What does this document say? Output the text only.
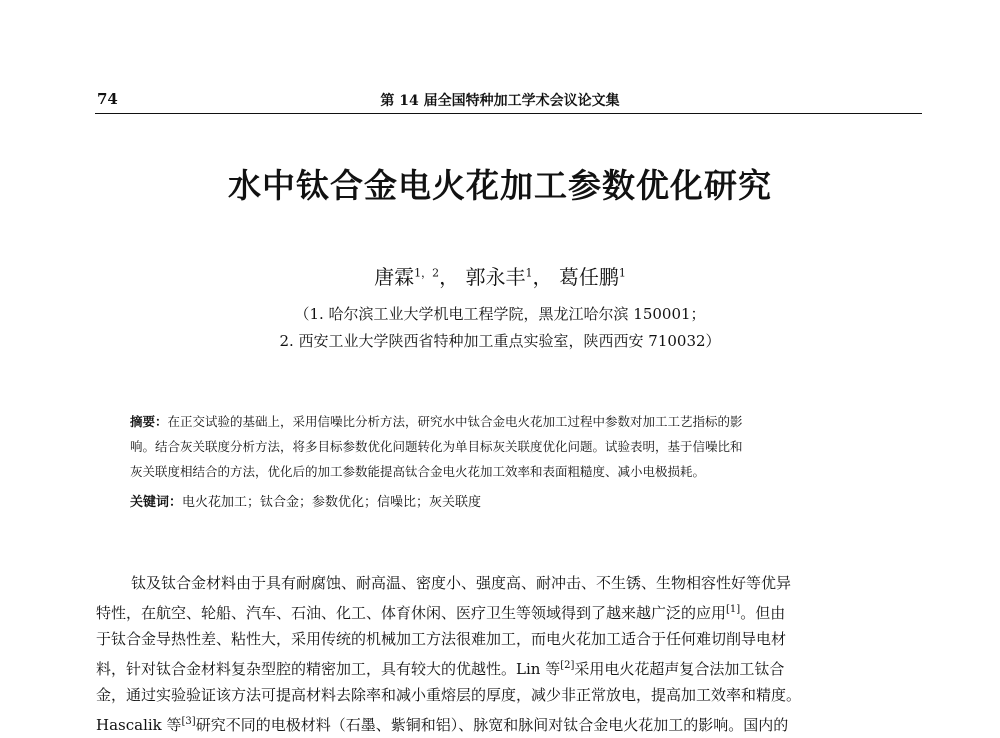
74	第 14 届全国特种加工学术会议论文集
水中钛合金电火花加工参数优化研究
唐霖$^{1,2}$， 郭永丰$^1$， 葛任鹏$^1$
（1. 哈尔滨工业大学机电工程学院，黑龙江哈尔滨 150001；
2. 西安工业大学陕西省特种加工重点实验室，陕西西安 710032）
摘要：在正交试验的基础上，采用信噪比分析方法，研究水中钛合金电火花加工过程中参数对加工工艺指标的影
响。结合灰关联度分析方法，将多目标参数优化问题转化为单目标灰关联度优化问题。试验表明，基于信噪比和
灰关联度相结合的方法，优化后的加工参数能提高钛合金电火花加工效率和表面粗糙度、减小电极损耗。
关键词：电火花加工；钛合金；参数优化；信噪比；灰关联度
钛及钛合金材料由于具有耐腐蚀、耐高温、密度小、强度高、耐冲击、不生锈、生物相容性好等优异
特性，在航空、轮船、汽车、石油、化工、体育休闲、医疗卫生等领域得到了越来越广泛的应用[1]。但由
于钛合金导热性差、粘性大，采用传统的机械加工方法很难加工，而电火花加工适合于任何难切削导电材
料，针对钛合金材料复杂型腔的精密加工，具有较大的优越性。Lin 等[2]采用电火花超声复合法加工钛合
金，通过实验验证该方法可提高材料去除率和减小重熔层的厚度，减少非正常放电，提高加工效率和精度。
Hascalik 等[3]研究不同的电极材料（石墨、紫铜和铝）、脉宽和脉间对钛合金电火花加工的影响。国内的
